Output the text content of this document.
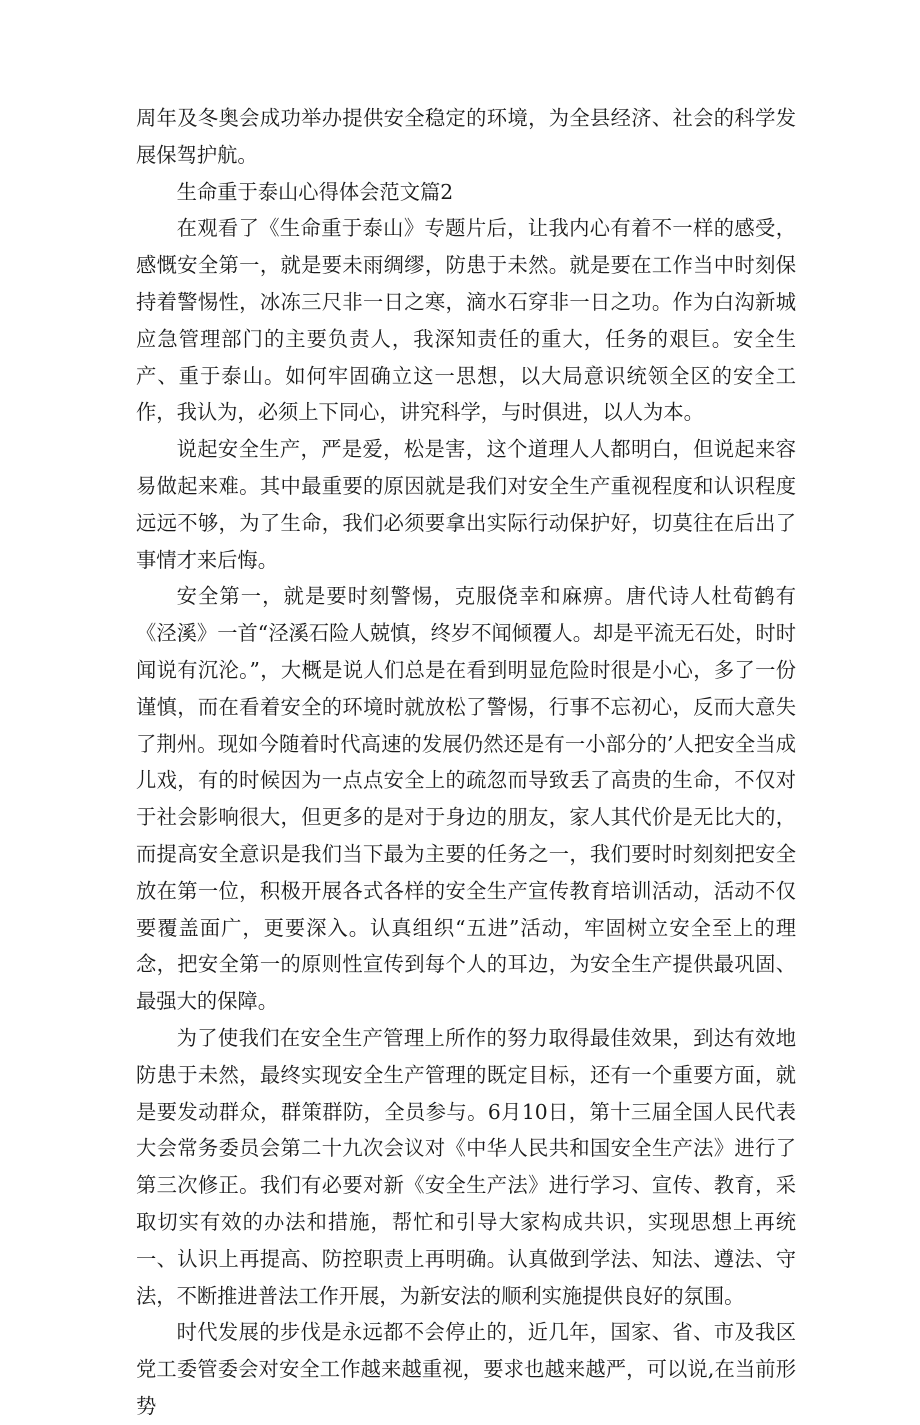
周年及冬奥会成功举办提供安全稳定的环境，为全县经济、社会的科学发展保驾护航。

生命重于泰山心得体会范文篇2

在观看了《生命重于泰山》专题片后，让我内心有着不一样的感受，感慨安全第一，就是要未雨绸缪，防患于未然。就是要在工作当中时刻保持着警惕性，冰冻三尺非一日之寒，滴水石穿非一日之功。作为白沟新城应急管理部门的主要负责人，我深知责任的重大，任务的艰巨。安全生产、重于泰山。如何牢固确立这一思想，以大局意识统领全区的安全工作，我认为，必须上下同心，讲究科学，与时俱进，以人为本。

说起安全生产，严是爱，松是害，这个道理人人都明白，但说起来容易做起来难。其中最重要的原因就是我们对安全生产重视程度和认识程度远远不够，为了生命，我们必须要拿出实际行动保护好，切莫往在后出了事情才来后悔。

安全第一，就是要时刻警惕，克服侥幸和麻痹。唐代诗人杜荀鹤有《泾溪》一首“泾溪石险人兢慎，终岁不闻倾覆人。却是平流无石处，时时闻说有沉沦。”，大概是说人们总是在看到明显危险时很是小心，多了一份谨慎，而在看着安全的环境时就放松了警惕，行事不忘初心，反而大意失了荆州。现如今随着时代高速的发展仍然还是有一小部分的’人把安全当成儿戏，有的时候因为一点点安全上的疏忽而导致丢了高贵的生命，不仅对于社会影响很大，但更多的是对于身边的朋友，家人其代价是无比大的，而提高安全意识是我们当下最为主要的任务之一，我们要时时刻刻把安全放在第一位，积极开展各式各样的安全生产宣传教育培训活动，活动不仅要覆盖面广，更要深入。认真组织“五进”活动，牢固树立安全至上的理念，把安全第一的原则性宣传到每个人的耳边，为安全生产提供最巩固、最强大的保障。

为了使我们在安全生产管理上所作的努力取得最佳效果，到达有效地防患于未然，最终实现安全生产管理的既定目标，还有一个重要方面，就是要发动群众，群策群防，全员参与。6月10日，第十三届全国人民代表大会常务委员会第二十九次会议对《中华人民共和国安全生产法》进行了第三次修正。我们有必要对新《安全生产法》进行学习、宣传、教育，采取切实有效的办法和措施，帮忙和引导大家构成共识，实现思想上再统一、认识上再提高、防控职责上再明确。认真做到学法、知法、遵法、守法，不断推进普法工作开展，为新安法的顺利实施提供良好的氛围。

时代发展的步伐是永远都不会停止的，近几年，国家、省、市及我区党工委管委会对安全工作越来越重视，要求也越来越严，可以说,在当前形势
